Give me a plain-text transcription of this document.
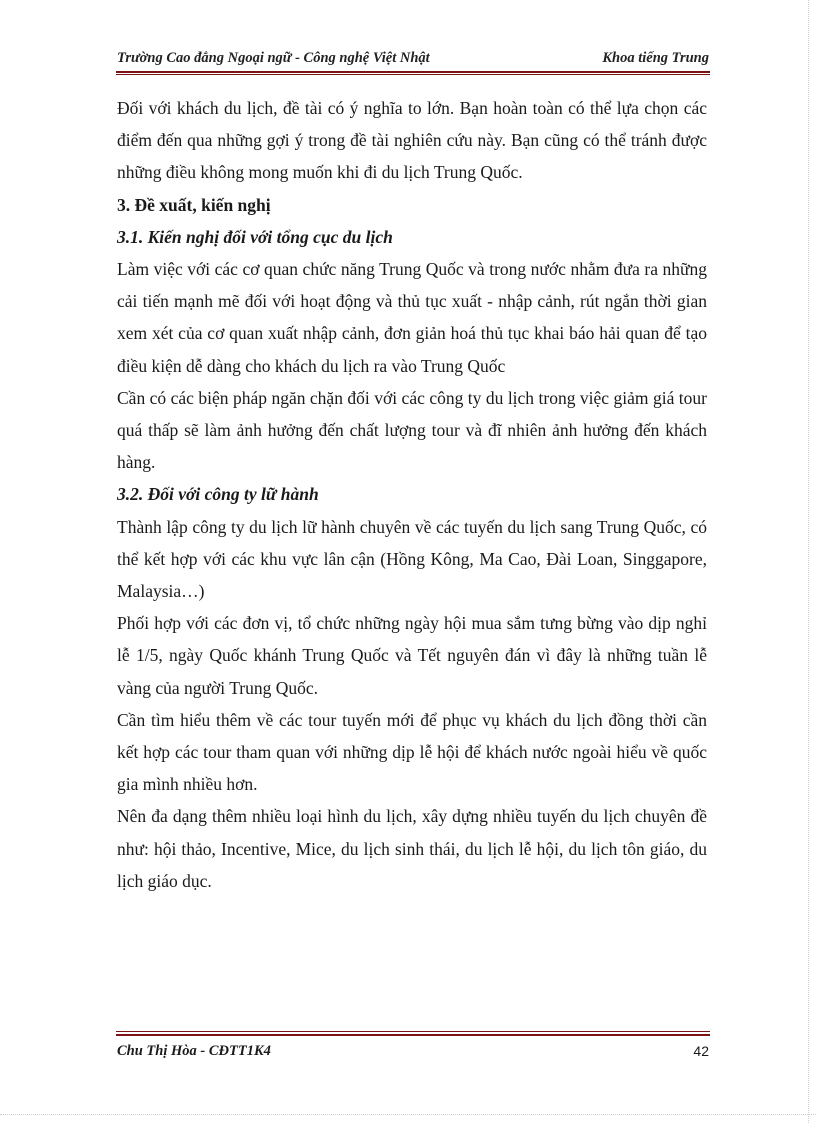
Trường Cao đẳng Ngoại ngữ - Công nghệ Việt Nhật	Khoa tiếng Trung

Đối với khách du lịch, đề tài có ý nghĩa to lớn. Bạn hoàn toàn có thể lựa chọn các điểm đến qua những gợi ý trong đề tài nghiên cứu này. Bạn cũng có thể tránh được những điều không mong muốn khi đi du lịch Trung Quốc.

3. Đề xuất, kiến nghị

3.1. Kiến nghị đối với tổng cục du lịch

Làm việc với các cơ quan chức năng Trung Quốc và trong nước nhằm đưa ra những cải tiến mạnh mẽ đối với hoạt động và thủ tục xuất - nhập cảnh, rút ngắn thời gian xem xét của cơ quan xuất nhập cảnh, đơn giản hoá thủ tục khai báo hải quan để tạo điều kiện dễ dàng cho khách du lịch ra vào Trung Quốc

Cần có các biện pháp ngăn chặn đối với các công ty du lịch trong việc giảm giá tour quá thấp sẽ làm ảnh hưởng đến chất lượng tour và đĩ nhiên ảnh hưởng đến khách hàng.

3.2. Đối với công ty lữ hành

Thành lập công ty du lịch lữ hành chuyên về các tuyến du lịch sang Trung Quốc, có thể kết hợp với các khu vực lân cận (Hồng Kông, Ma Cao, Đài Loan, Singgapore, Malaysia…)

Phối hợp với các đơn vị, tổ chức những ngày hội mua sắm tưng bừng vào dịp nghỉ lễ 1/5, ngày Quốc khánh Trung Quốc và Tết nguyên đán vì đây là những tuần lễ vàng của người Trung Quốc.

Cần tìm hiểu thêm về các tour tuyến mới để phục vụ khách du lịch đồng thời cần kết hợp các tour tham quan với những dịp lễ hội để khách nước ngoài hiểu về quốc gia mình nhiều hơn.

Nên đa dạng thêm nhiều loại hình du lịch, xây dựng nhiều tuyến du lịch chuyên đề như: hội thảo, Incentive, Mice, du lịch sinh thái, du lịch lễ hội, du lịch tôn giáo, du lịch giáo dục.

Chu Thị Hòa - CĐTT1K4	42
